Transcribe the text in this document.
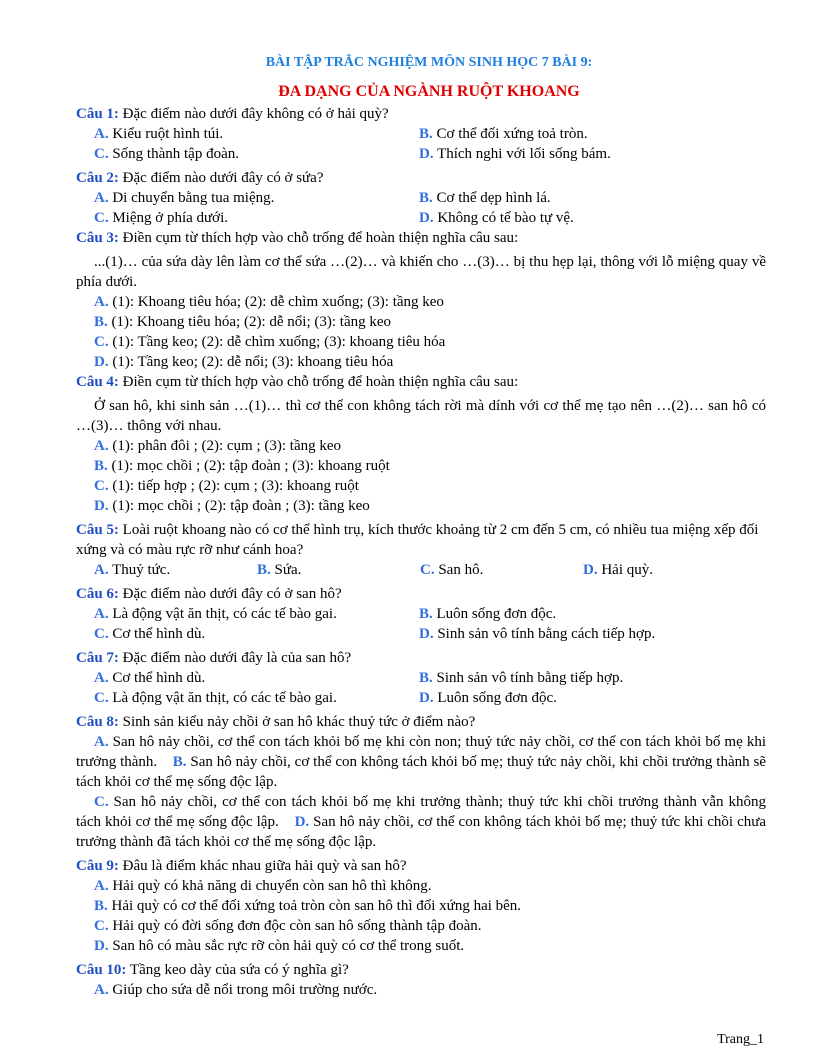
BÀI TẬP TRẮC NGHIỆM MÔN SINH HỌC 7 BÀI 9:
ĐA DẠNG CỦA NGÀNH RUỘT KHOANG
Câu 1: Đặc điểm nào dưới đây không có ở hải quỳ?
A. Kiểu ruột hình túi.	B. Cơ thể đối xứng toả tròn.
C. Sống thành tập đoàn.	D. Thích nghi với lối sống bám.
Câu 2: Đặc điểm nào dưới đây có ở sứa?
A. Di chuyển bằng tua miệng.	B. Cơ thể dẹp hình lá.
C. Miệng ở phía dưới.	D. Không có tế bào tự vệ.
Câu 3: Điền cụm từ thích hợp vào chỗ trống để hoàn thiện nghĩa câu sau:
...(1)… của sứa dày lên làm cơ thể sứa …(2)… và khiến cho …(3)… bị thu hẹp lại, thông với lỗ miệng quay về phía dưới.
A. (1): Khoang tiêu hóa; (2): dễ chìm xuống; (3): tầng keo
B. (1): Khoang tiêu hóa; (2): dễ nổi; (3): tầng keo
C. (1): Tầng keo; (2): dễ chìm xuống; (3): khoang tiêu hóa
D. (1): Tầng keo; (2): dễ nổi; (3): khoang tiêu hóa
Câu 4: Điền cụm từ thích hợp vào chỗ trống để hoàn thiện nghĩa câu sau:
Ở san hô, khi sinh sản …(1)… thì cơ thể con không tách rời mà dính với cơ thể mẹ tạo nên …(2)… san hô có …(3)… thông với nhau.
A. (1): phân đôi ; (2): cụm ; (3): tầng keo
B. (1): mọc chồi ; (2): tập đoàn ; (3): khoang ruột
C. (1): tiếp hợp ; (2): cụm ; (3): khoang ruột
D. (1): mọc chồi ; (2): tập đoàn ; (3): tầng keo
Câu 5: Loài ruột khoang nào có cơ thể hình trụ, kích thước khoảng từ 2 cm đến 5 cm, có nhiều tua miệng xếp đối xứng và có màu rực rỡ như cánh hoa?
A. Thuỷ tức.	B. Sứa.	C. San hô.	D. Hải quỳ.
Câu 6: Đặc điểm nào dưới đây có ở san hô?
A. Là động vật ăn thịt, có các tế bào gai.	B. Luôn sống đơn độc.
C. Cơ thể hình dù.	D. Sinh sản vô tính bằng cách tiếp hợp.
Câu 7: Đặc điểm nào dưới đây là của san hô?
A. Cơ thể hình dù.	B. Sinh sản vô tính bằng tiếp hợp.
C. Là động vật ăn thịt, có các tế bào gai.	D. Luôn sống đơn độc.
Câu 8: Sinh sản kiểu nảy chồi ở san hô khác thuỷ tức ở điểm nào?
A. San hô nảy chồi, cơ thể con tách khỏi bố mẹ khi còn non; thuỷ tức nảy chồi, cơ thể con tách khỏi bố mẹ khi trưởng thành. B. San hô nảy chồi, cơ thể con không tách khỏi bố mẹ; thuỷ tức nảy chồi, khi chồi trưởng thành sẽ tách khỏi cơ thể mẹ sống độc lập.
C. San hô nảy chồi, cơ thể con tách khỏi bố mẹ khi trưởng thành; thuỷ tức khi chồi trưởng thành vẫn không tách khỏi cơ thể mẹ sống độc lập. D. San hô nảy chồi, cơ thể con không tách khỏi bố mẹ; thuỷ tức khi chồi chưa trưởng thành đã tách khỏi cơ thể mẹ sống độc lập.
Câu 9: Đâu là điểm khác nhau giữa hải quỳ và san hô?
A. Hải quỳ có khả năng di chuyển còn san hô thì không.
B. Hải quỳ có cơ thể đối xứng toả tròn còn san hô thì đối xứng hai bên.
C. Hải quỳ có đời sống đơn độc còn san hô sống thành tập đoàn.
D. San hô có màu sắc rực rỡ còn hải quỳ có cơ thể trong suốt.
Câu 10: Tầng keo dày của sứa có ý nghĩa gì?
A. Giúp cho sứa dễ nổi trong môi trường nước.
Trang_1
